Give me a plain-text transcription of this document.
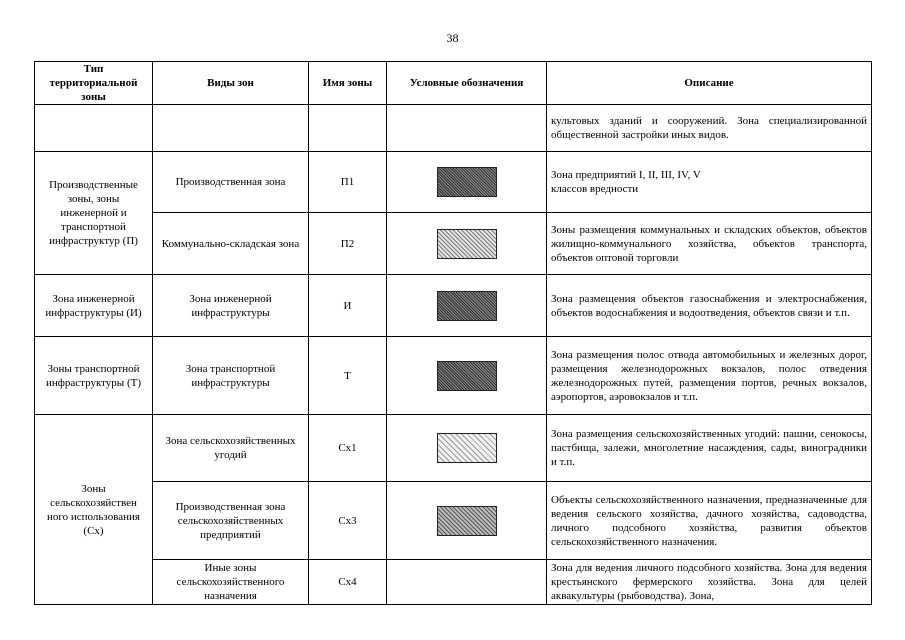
38
Тип территориальной зоны	Виды зон	Имя зоны	Условные обозначения	Описание
				культовых зданий и сооружений. Зона специализированной общественной застройки иных видов.
Производственные зоны, зоны инженерной и транспортной инфраструктур (П)	Производственная зона	П1		Зона предприятий I, II, III, IV, V
классов вредности

	Коммунально-складская зона	П2		Зоны размещения коммунальных и складских объектов, объектов жилищно-коммунального хозяйства, объектов транспорта, объектов оптовой торговли
Зона инженерной инфраструктуры (И)	Зона инженерной инфраструктуры	И		Зона размещения объектов газоснабжения и электроснабжения, объектов водоснабжения и водоотведения, объектов связи и т.п.
Зоны транспортной инфраструктуры (Т)	Зона транспортной инфраструктуры	Т		Зона размещения полос отвода автомобильных и железных дорог, размещения железнодорожных вокзалов, полос отведения железнодорожных путей, размещения портов, речных вокзалов, аэропортов, аэровокзалов и т.п.
Зоны сельскохозяйствен ного использования (Сх)	Зона сельскохозяйственных угодий	Сх1		Зона размещения сельскохозяйственных угодий: пашни, сенокосы, пастбища, залежи, многолетние насаждения, сады, виноградники и т.п.
	Производственная зона сельскохозяйственных предприятий	Сх3		Объекты сельскохозяйственного назначения, предназначенные для ведения сельского хозяйства, дачного хозяйства, садоводства, личного подсобного хозяйства, развития объектов сельскохозяйственного назначения.
	Иные зоны сельскохозяйственного назначения	Сх4		Зона для ведения личного подсобного хозяйства. Зона для ведения крестьянского фермерского хозяйства. Зона для целей аквакультуры (рыбоводства). Зона,
